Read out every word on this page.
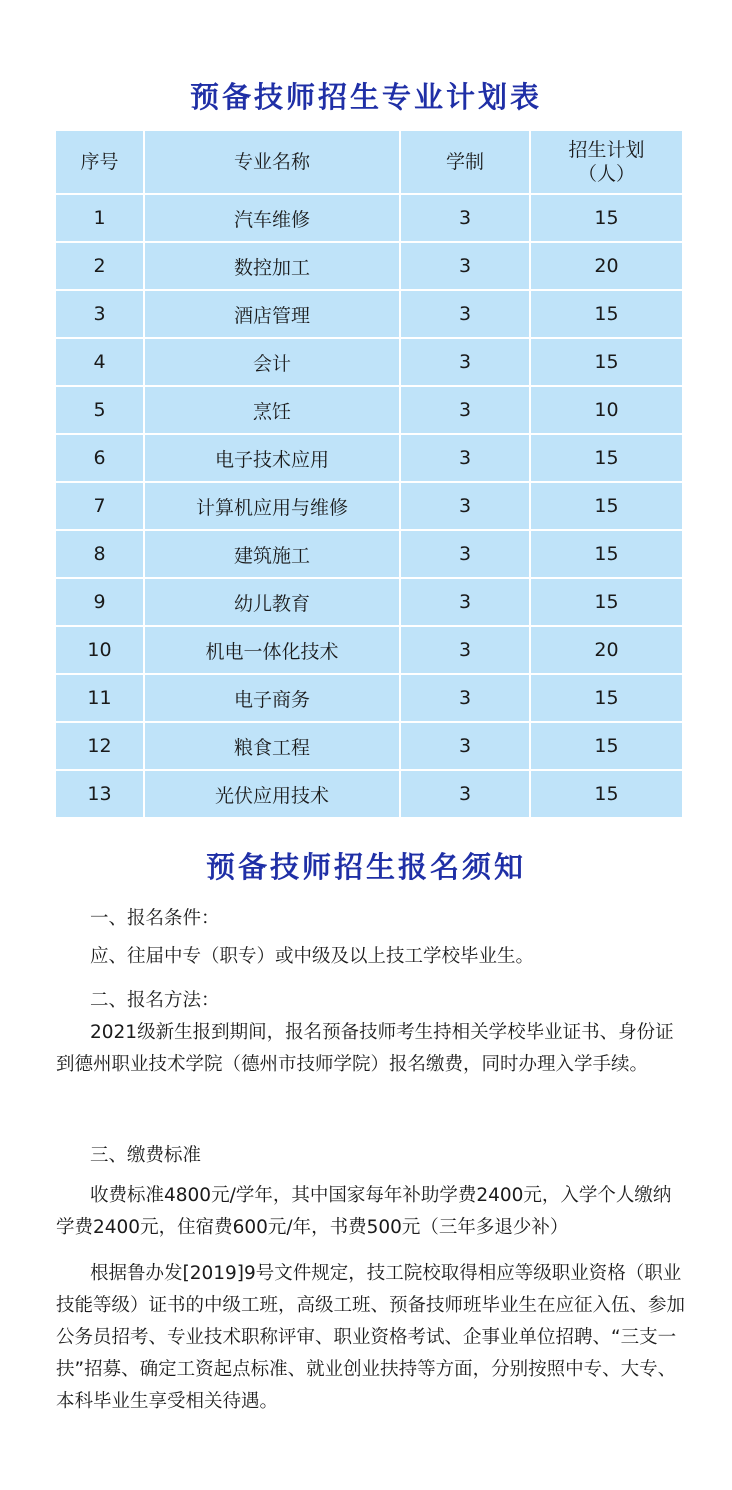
预备技师招生专业计划表
序号	专业名称	学制	招生计划
（人）

1	汽车维修	3	15
2	数控加工	3	20
3	酒店管理	3	15
4	会计	3	15
5	烹饪	3	10
6	电子技术应用	3	15
7	计算机应用与维修	3	15
8	建筑施工	3	15
9	幼儿教育	3	15
10	机电一体化技术	3	20
11	电子商务	3	15
12	粮食工程	3	15
13	光伏应用技术	3	15
预备技师招生报名须知

一、报名条件：

应、往届中专（职专）或中级及以上技工学校毕业生。

二、报名方法：

2021级新生报到期间，报名预备技师考生持相关学校毕业证书、身份证到德州职业技术学院（德州市技师学院）报名缴费，同时办理入学手续。

三、缴费标准

收费标准4800元/学年，其中国家每年补助学费2400元，入学个人缴纳学费2400元，住宿费600元/年，书费500元（三年多退少补）

根据鲁办发[2019]9号文件规定，技工院校取得相应等级职业资格（职业技能等级）证书的中级工班，高级工班、预备技师班毕业生在应征入伍、参加公务员招考、专业技术职称评审、职业资格考试、企事业单位招聘、“三支一扶”招募、确定工资起点标准、就业创业扶持等方面，分别按照中专、大专、本科毕业生享受相关待遇。
